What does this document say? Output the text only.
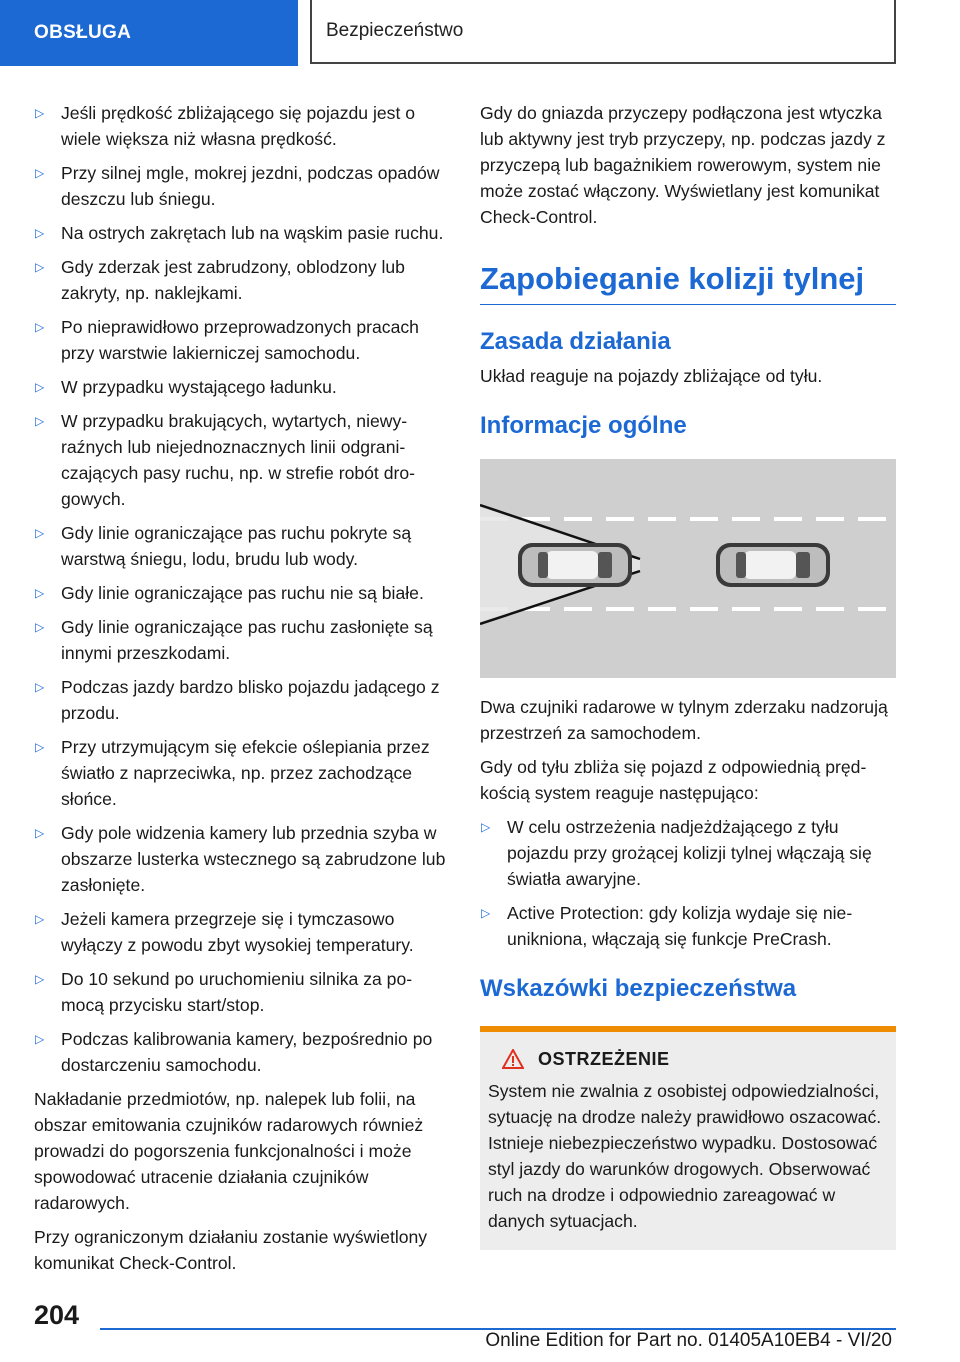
OBSŁUGA	Bezpieczeństwo
▷ Jeśli prędkość zbliżającego się pojazdu jest o wiele większa niż własna prędkość.
▷ Przy silnej mgle, mokrej jezdni, podczas opadów deszczu lub śniegu.
▷ Na ostrych zakrętach lub na wąskim pasie ruchu.
▷ Gdy zderzak jest zabrudzony, oblodzony lub zakryty, np. naklejkami.
▷ Po nieprawidłowo przeprowadzonych pracach przy warstwie lakierniczej samochodu.
▷ W przypadku wystającego ładunku.
▷ W przypadku brakujących, wytartych, niewyraźnych lub niejednoznacznych linii odgraniczających pasy ruchu, np. w strefie robót drogowych.
▷ Gdy linie ograniczające pas ruchu pokryte są warstwą śniegu, lodu, brudu lub wody.
▷ Gdy linie ograniczające pas ruchu nie są białe.
▷ Gdy linie ograniczające pas ruchu zasłonięte są innymi przeszkodami.
▷ Podczas jazdy bardzo blisko pojazdu jadącego z przodu.
▷ Przy utrzymującym się efekcie oślepiania przez światło z naprzeciwka, np. przez zachodzące słońce.
▷ Gdy pole widzenia kamery lub przednia szyba w obszarze lusterka wstecznego są zabrudzone lub zasłonięte.
▷ Jeżeli kamera przegrzeje się i tymczasowo wyłączy z powodu zbyt wysokiej temperatury.
▷ Do 10 sekund po uruchomieniu silnika za pomocą przycisku start/stop.
▷ Podczas kalibrowania kamery, bezpośrednio po dostarczeniu samochodu.

Nakładanie przedmiotów, np. nalepek lub folii, na obszar emitowania czujników radarowych również prowadzi do pogorszenia funkcjonalności i może spowodować utracenie działania czujników radarowych.

Przy ograniczonym działaniu zostanie wyświetlony komunikat Check-Control.

Gdy do gniazda przyczepy podłączona jest wtyczka lub aktywny jest tryb przyczepy, np. podczas jazdy z przyczepą lub bagażnikiem rowerowym, system nie może zostać włączony. Wyświetlany jest komunikat Check-Control.

Zapobieganie kolizji tylnej
Zasada działania

Układ reaguje na pojazdy zbliżające od tyłu.

Informacje ogólne

Dwa czujniki radarowe w tylnym zderzaku nadzorują przestrzeń za samochodem.

Gdy od tyłu zbliża się pojazd z odpowiednią prędkością system reaguje następująco:

▷ W celu ostrzeżenia nadjeżdżającego z tyłu pojazdu przy grożącej kolizji tylnej włączają się światła awaryjne.
▷ Active Protection: gdy kolizja wydaje się nieunikniona, włączają się funkcje PreCrash.
Wskazówki bezpieczeństwa
OSTRZEŻENIE

System nie zwalnia z osobistej odpowiedzialności, sytuację na drodze należy prawidłowo oszacować. Istnieje niebezpieczeństwo wypadku. Dostosować styl jazdy do warunków drogowych. Obserwować ruch na drodze i odpowiednio zareagować w danych sytuacjach.

204
Online Edition for Part no. 01405A10EB4 - VI/20
